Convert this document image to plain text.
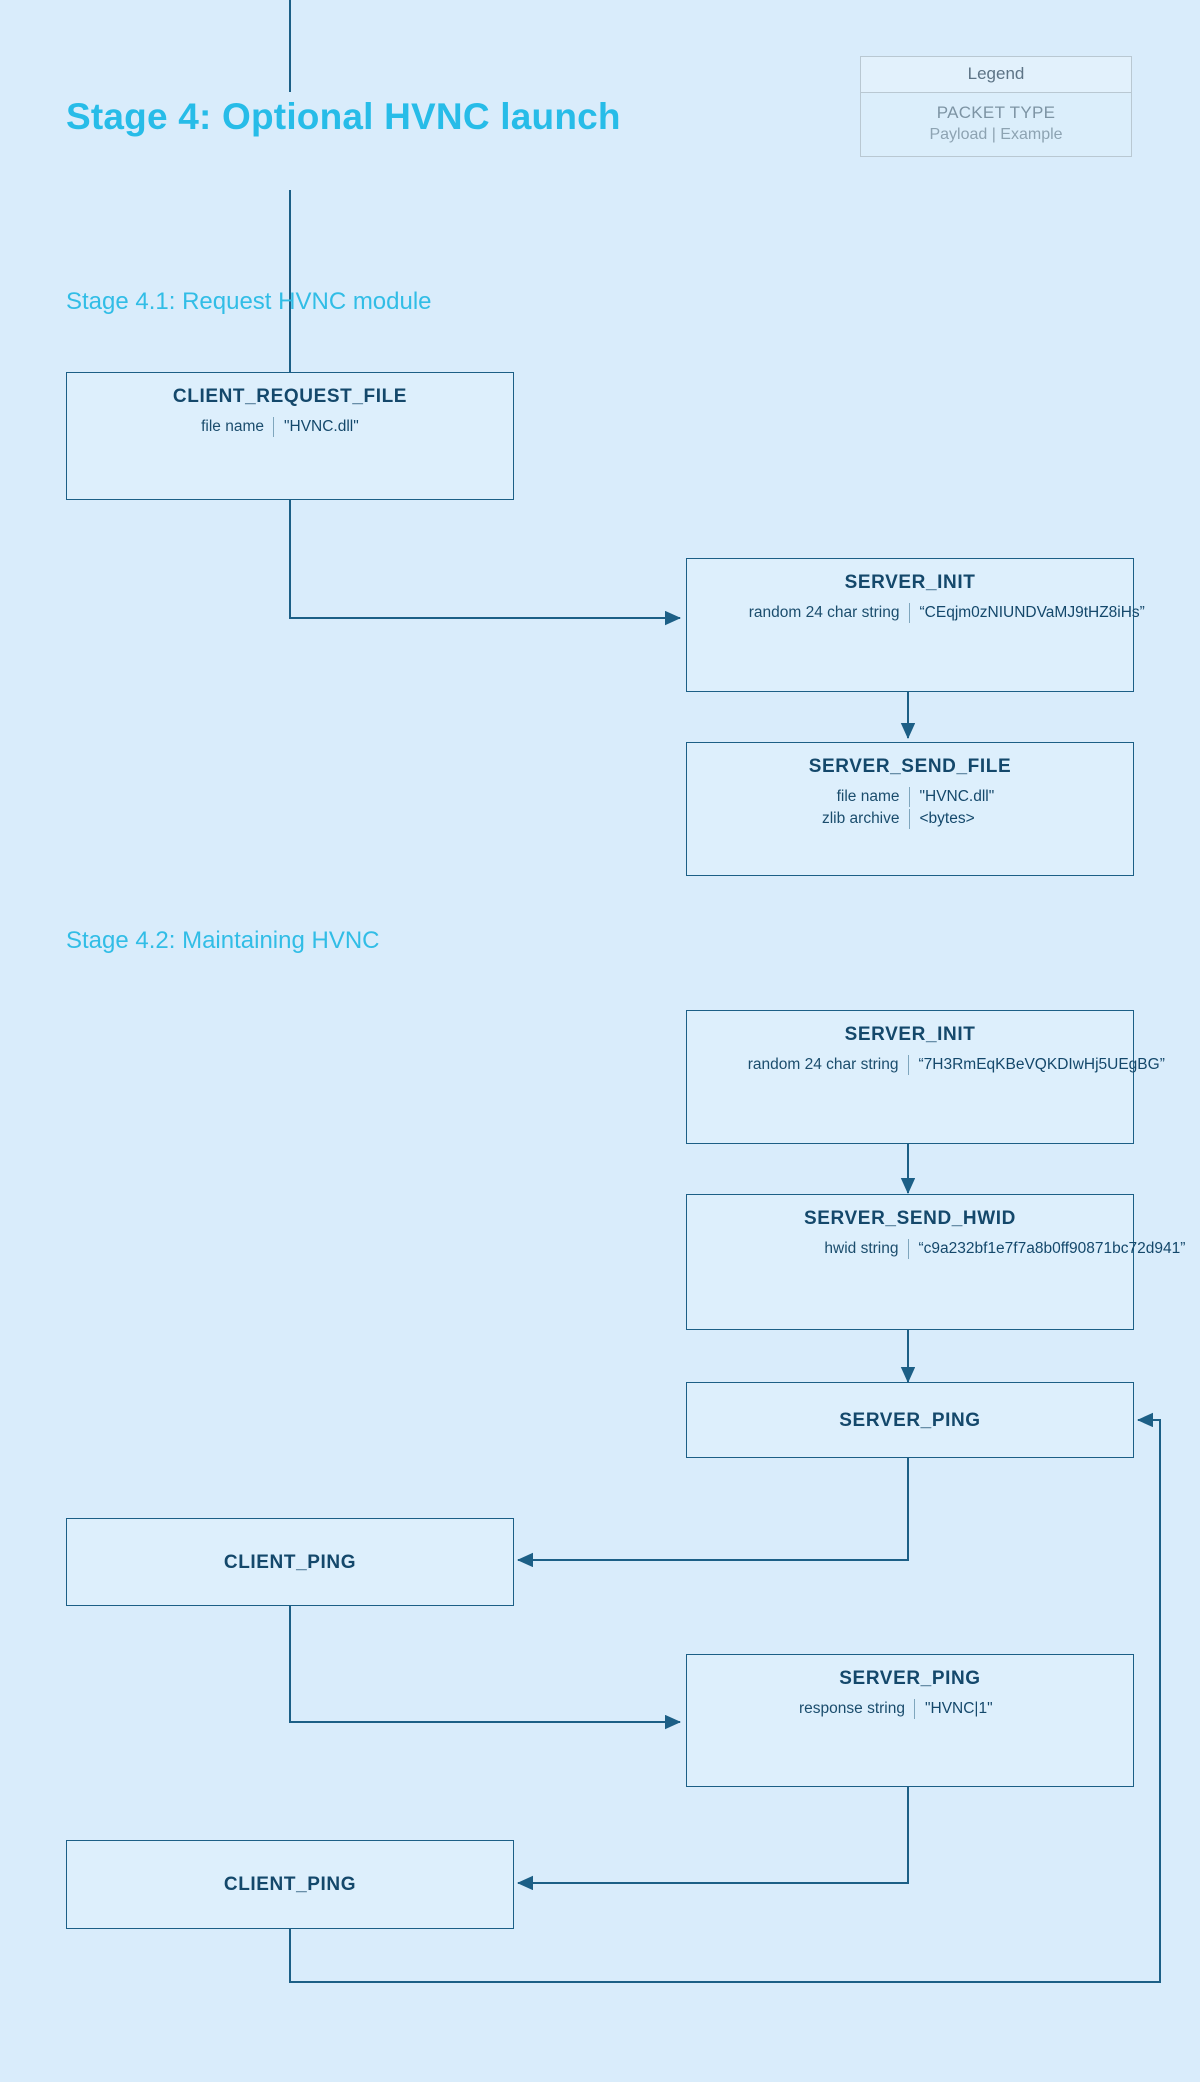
Legend
PACKET TYPE
Payload | Example
Stage 4: Optional HVNC launch
Stage 4.1: Request HVNC module
Stage 4.2: Maintaining HVNC
CLIENT_REQUEST_FILE
file name	"HVNC.dll"
SERVER_INIT
random 24 char string	“CEqjm0zNIUNDVaMJ9tHZ8iHs”
SERVER_SEND_FILE
file name	"HVNC.dll"
zlib archive	<bytes>
SERVER_INIT
random 24 char string	“7H3RmEqKBeVQKDIwHj5UEgBG”
SERVER_SEND_HWID
hwid string	“c9a232bf1e7f7a8b0ff90871bc72d941”
SERVER_PING
CLIENT_PING
SERVER_PING
response string	"HVNC|1"
CLIENT_PING
